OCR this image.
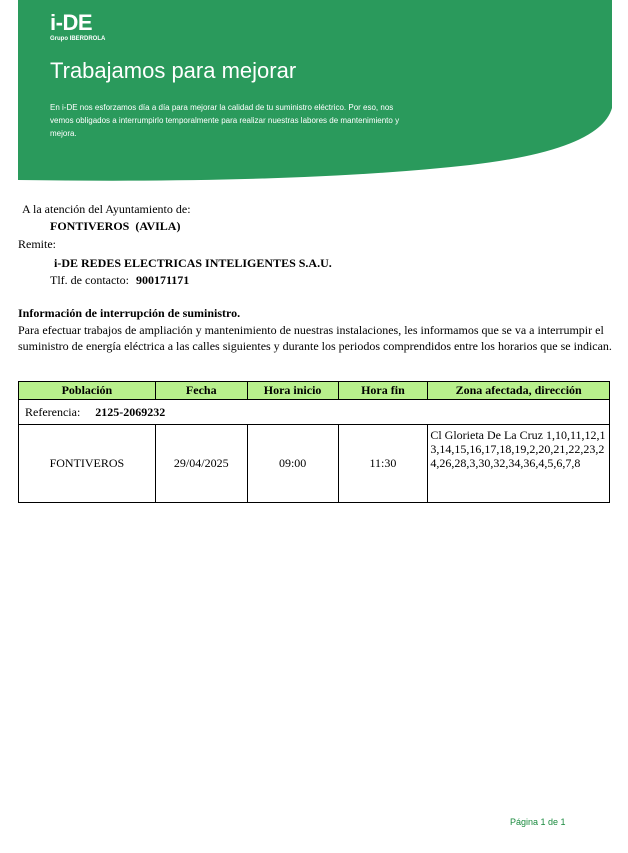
i-DE
Grupo IBERDROLA
Trabajamos para mejorar

En i-DE nos esforzamos día a día para mejorar la calidad de tu suministro eléctrico. Por eso, nos vemos obligados a interrumpirlo temporalmente para realizar nuestras labores de mantenimiento y mejora.

A la atención del Ayuntamiento de:
FONTIVEROS  (AVILA)
Remite:
i-DE REDES ELECTRICAS INTELIGENTES S.A.U.
Tlf. de contacto: 900171171
Información de interrupción de suministro.

Para efectuar trabajos de ampliación y mantenimiento de nuestras instalaciones, les informamos que se va a interrumpir el suministro de energía eléctrica a las calles siguientes y durante los periodos comprendidos entre los horarios que se indican.

Población	Fecha	Hora inicio	Hora fin	Zona afectada, dirección
Referencia: 2125-2069232				
FONTIVEROS	29/04/2025	09:00	11:30	Cl Glorieta De La Cruz 1,10,11,12,13,14,15,16,17,18,19,2,20,21,22,23,24,26,28,3,30,32,34,36,4,5,6,7,8
Página 1 de 1
